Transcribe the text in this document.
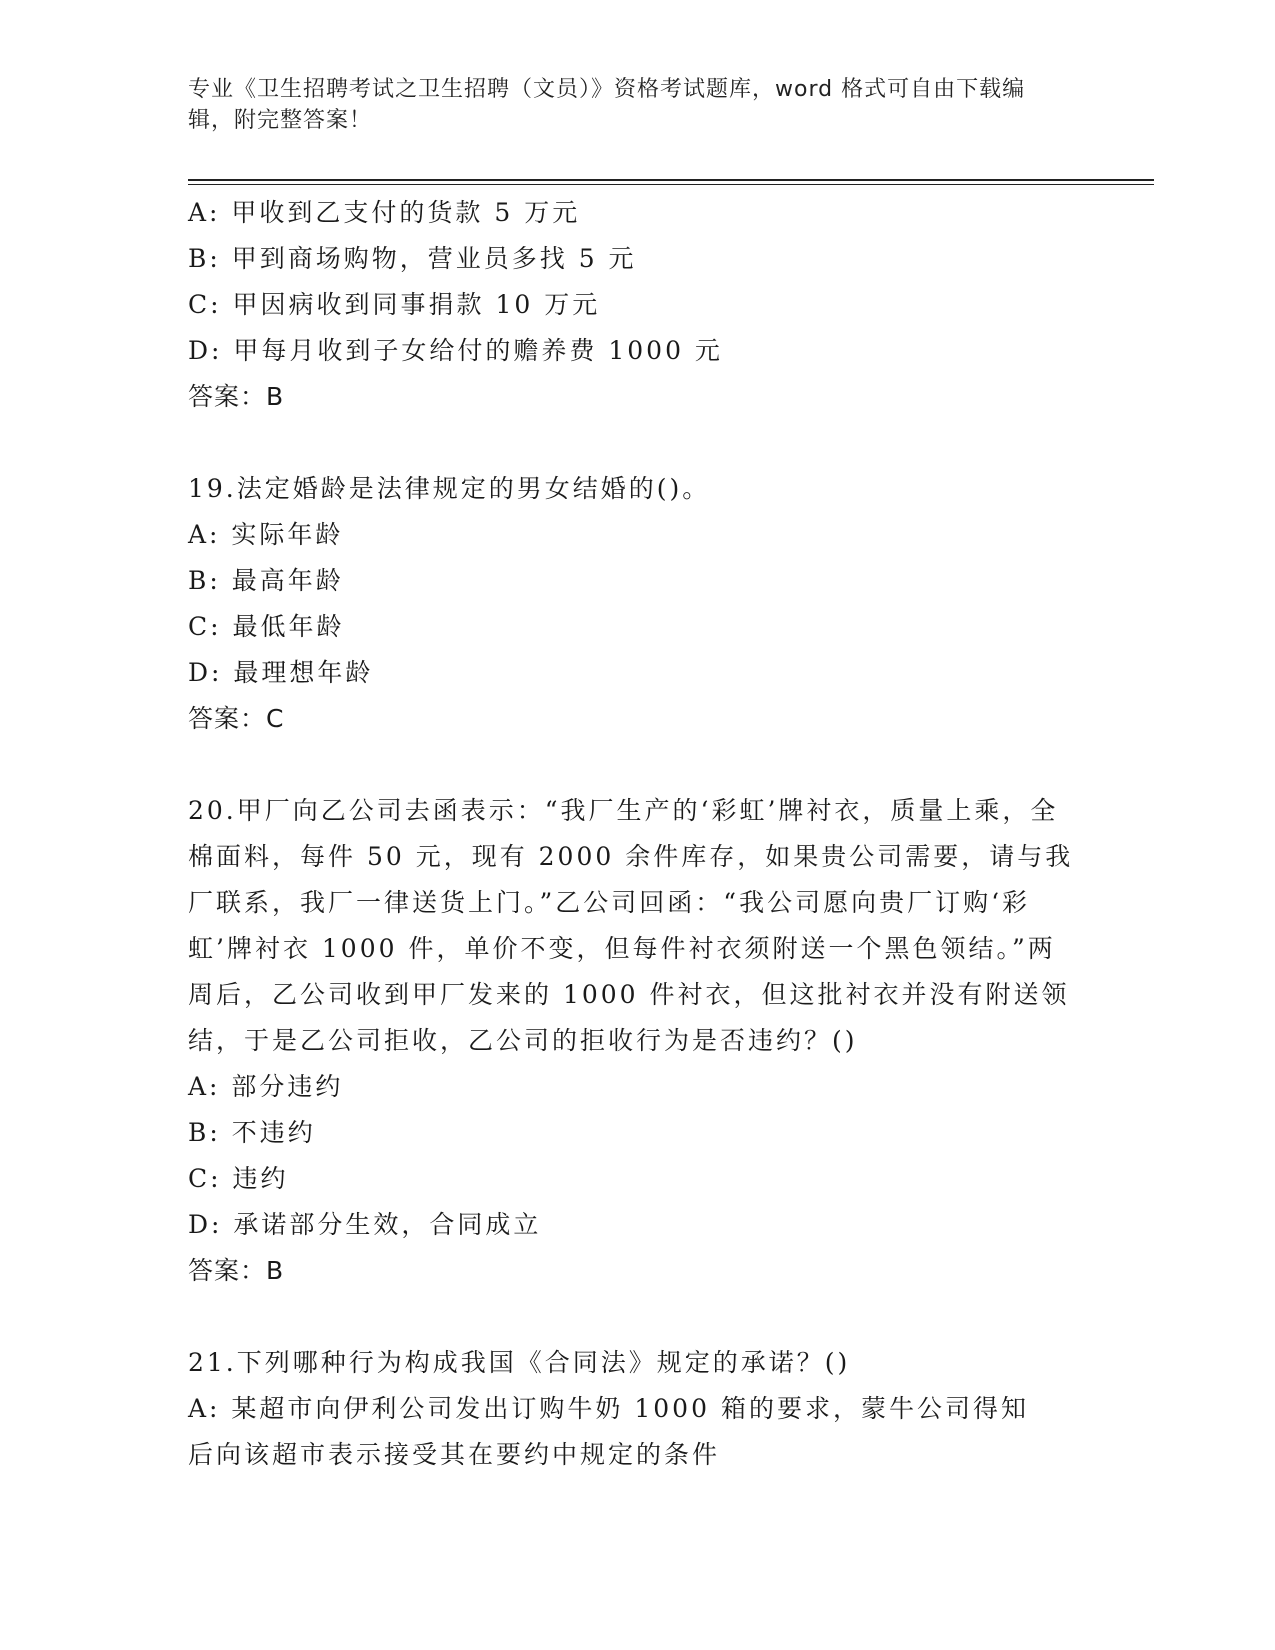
专业《卫生招聘考试之卫生招聘（文员）》资格考试题库，word 格式可自由下载编辑，附完整答案！
A: 甲收到乙支付的货款 5 万元
B: 甲到商场购物，营业员多找 5 元
C: 甲因病收到同事捐款 10 万元
D: 甲每月收到子女给付的赡养费 1000 元
答案：B
19.法定婚龄是法律规定的男女结婚的()。
A: 实际年龄
B: 最高年龄
C: 最低年龄
D: 最理想年龄
答案：C
20.甲厂向乙公司去函表示：“我厂生产的‘彩虹’牌衬衣，质量上乘，全棉面料，每件 50 元，现有 2000 余件库存，如果贵公司需要，请与我厂联系，我厂一律送货上门。”乙公司回函：“我公司愿向贵厂订购‘彩虹’牌衬衣 1000 件，单价不变，但每件衬衣须附送一个黑色领结。”两周后，乙公司收到甲厂发来的 1000 件衬衣，但这批衬衣并没有附送领结，于是乙公司拒收，乙公司的拒收行为是否违约？()
A: 部分违约
B: 不违约
C: 违约
D: 承诺部分生效，合同成立
答案：B
21.下列哪种行为构成我国《合同法》规定的承诺？()
A: 某超市向伊利公司发出订购牛奶 1000 箱的要求，蒙牛公司得知后向该超市表示接受其在要约中规定的条件
